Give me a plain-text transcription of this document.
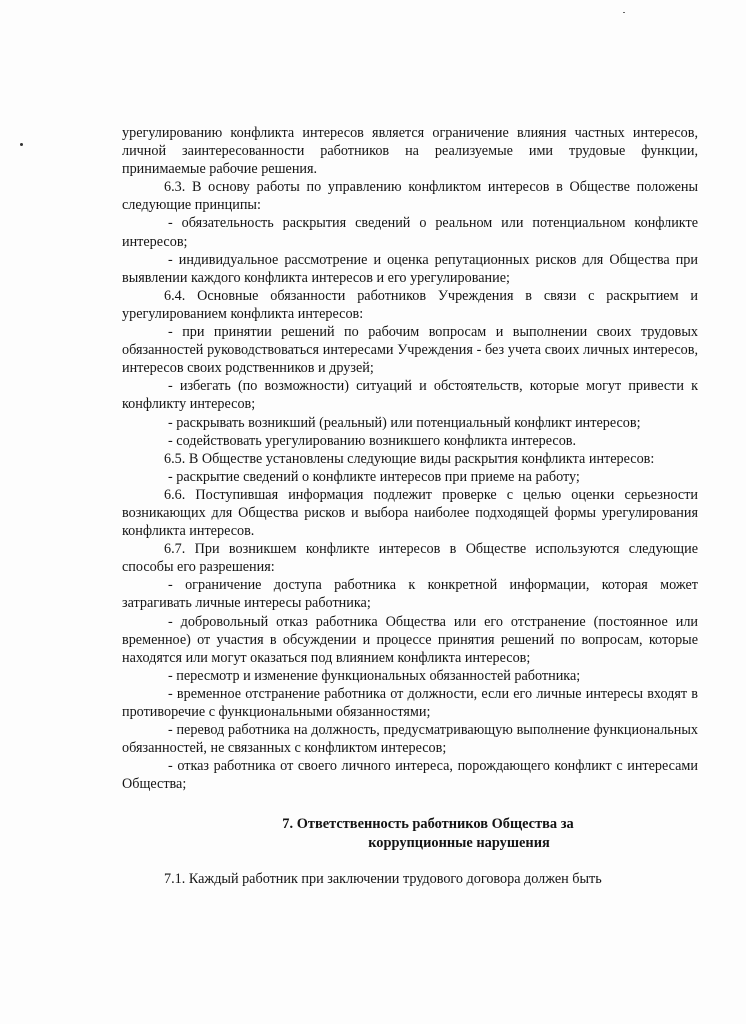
урегулированию конфликта интересов является ограничение влияния частных интересов, личной заинтересованности работников на реализуемые ими трудовые функции, принимаемые рабочие решения.

6.3. В основу работы по управлению конфликтом интересов в Обществе положены следующие принципы:

- обязательность раскрытия сведений о реальном или потенциальном конфликте интересов;

- индивидуальное рассмотрение и оценка репутационных рисков для Общества при выявлении каждого конфликта интересов и его урегулирование;

6.4. Основные обязанности работников Учреждения в связи с раскрытием и урегулированием конфликта интересов:

- при принятии решений по рабочим вопросам и выполнении своих трудовых обязанностей руководствоваться интересами Учреждения - без учета своих личных интересов, интересов своих родственников и друзей;

- избегать (по возможности) ситуаций и обстоятельств, которые могут привести к конфликту интересов;

- раскрывать возникший (реальный) или потенциальный конфликт интересов;

- содействовать урегулированию возникшего конфликта интересов.

6.5. В Обществе установлены следующие виды раскрытия конфликта интересов:

- раскрытие сведений о конфликте интересов при приеме на работу;

6.6. Поступившая информация подлежит проверке с целью оценки серьезности возникающих для Общества рисков и выбора наиболее подходящей формы урегулирования конфликта интересов.

6.7. При возникшем конфликте интересов в Обществе используются следующие способы его разрешения:

- ограничение доступа работника к конкретной информации, которая может затрагивать личные интересы работника;

- добровольный отказ работника Общества или его отстранение (постоянное или временное) от участия в обсуждении и процессе принятия решений по вопросам, которые находятся или могут оказаться под влиянием конфликта интересов;

- пересмотр и изменение функциональных обязанностей работника;

- временное отстранение работника от должности, если его личные интересы входят в противоречие с функциональными обязанностями;

- перевод работника на должность, предусматривающую выполнение функциональных обязанностей, не связанных с конфликтом интересов;

- отказ работника от своего личного интереса, порождающего конфликт с интересами Общества;

7. Ответственность работников Общества за
коррупционные нарушения

7.1. Каждый работник при заключении трудового договора должен быть
